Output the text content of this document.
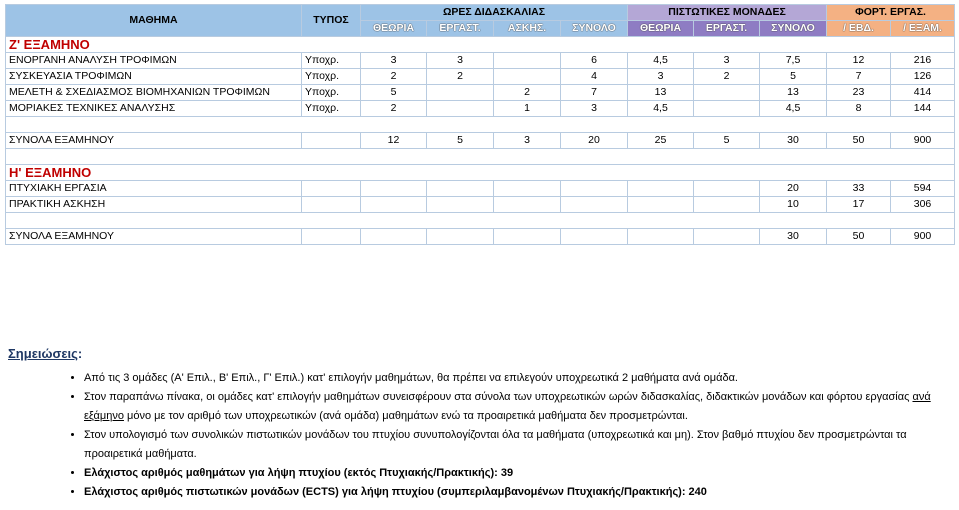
ΜΑΘΗΜΑ	ΤΥΠΟΣ	ΩΡΕΣ ΔΙΔΑΣΚΑΛΙΑΣ				ΠΙΣΤΩΤΙΚΕΣ ΜΟΝΑΔΕΣ			ΦΟΡΤ. ΕΡΓΑΣ.	
		ΘΕΩΡΙΑ	ΕΡΓΑΣΤ.	ΑΣΚΗΣ.	ΣΥΝΟΛΟ	ΘΕΩΡΙΑ	ΕΡΓΑΣΤ.	ΣΥΝΟΛΟ	/ ΕΒΔ.	/ ΕΞΑΜ.
Ζ' ΕΞΑΜΗΝΟ										
ΕΝΟΡΓΑΝΗ ΑΝΑΛΥΣΗ ΤΡΟΦΙΜΩΝ	Υποχρ.	3	3		6	4,5	3	7,5	12	216
ΣΥΣΚΕΥΑΣΙΑ ΤΡΟΦΙΜΩΝ	Υποχρ.	2	2		4	3	2	5	7	126
ΜΕΛΕΤΗ & ΣΧΕΔΙΑΣΜΟΣ ΒΙΟΜΗΧΑΝΙΩΝ ΤΡΟΦΙΜΩΝ	Υποχρ.	5		2	7	13		13	23	414
ΜΟΡΙΑΚΕΣ ΤΕΧΝΙΚΕΣ ΑΝΑΛΥΣΗΣ	Υποχρ.	2		1	3	4,5		4,5	8	144

ΣΥΝΟΛΑ ΕΞΑΜΗΝΟΥ		12	5	3	20	25	5	30	50	900

Η' ΕΞΑΜΗΝΟ										
ΠΤΥΧΙΑΚΗ ΕΡΓΑΣΙΑ								20	33	594
ΠΡΑΚΤΙΚΗ ΑΣΚΗΣΗ								10	17	306

ΣΥΝΟΛΑ ΕΞΑΜΗΝΟΥ								30	50	900
Σημειώσεις:
• Από τις 3 ομάδες (Α' Επιλ., Β' Επιλ., Γ' Επιλ.) κατ' επιλογήν μαθημάτων, θα πρέπει να επιλεγούν υποχρεωτικά 2 μαθήματα ανά ομάδα.
• Στον παραπάνω πίνακα, οι ομάδες κατ' επιλογήν μαθημάτων συνεισφέρουν στα σύνολα των υποχρεωτικών ωρών διδασκαλίας, διδακτικών μονάδων και φόρτου εργασίας ανά εξάμηνο μόνο με τον αριθμό των υποχρεωτικών (ανά ομάδα) μαθημάτων ενώ τα προαιρετικά μαθήματα δεν προσμετρώνται.
• Στον υπολογισμό των συνολικών πιστωτικών μονάδων του πτυχίου συνυπολογίζονται όλα τα μαθήματα (υποχρεωτικά και μη). Στον βαθμό πτυχίου δεν προσμετρώνται τα προαιρετικά μαθήματα.
• Ελάχιστος αριθμός μαθημάτων για λήψη πτυχίου (εκτός Πτυχιακής/Πρακτικής): 39
• Ελάχιστος αριθμός πιστωτικών μονάδων (ECTS) για λήψη πτυχίου (συμπεριλαμβανομένων Πτυχιακής/Πρακτικής): 240
